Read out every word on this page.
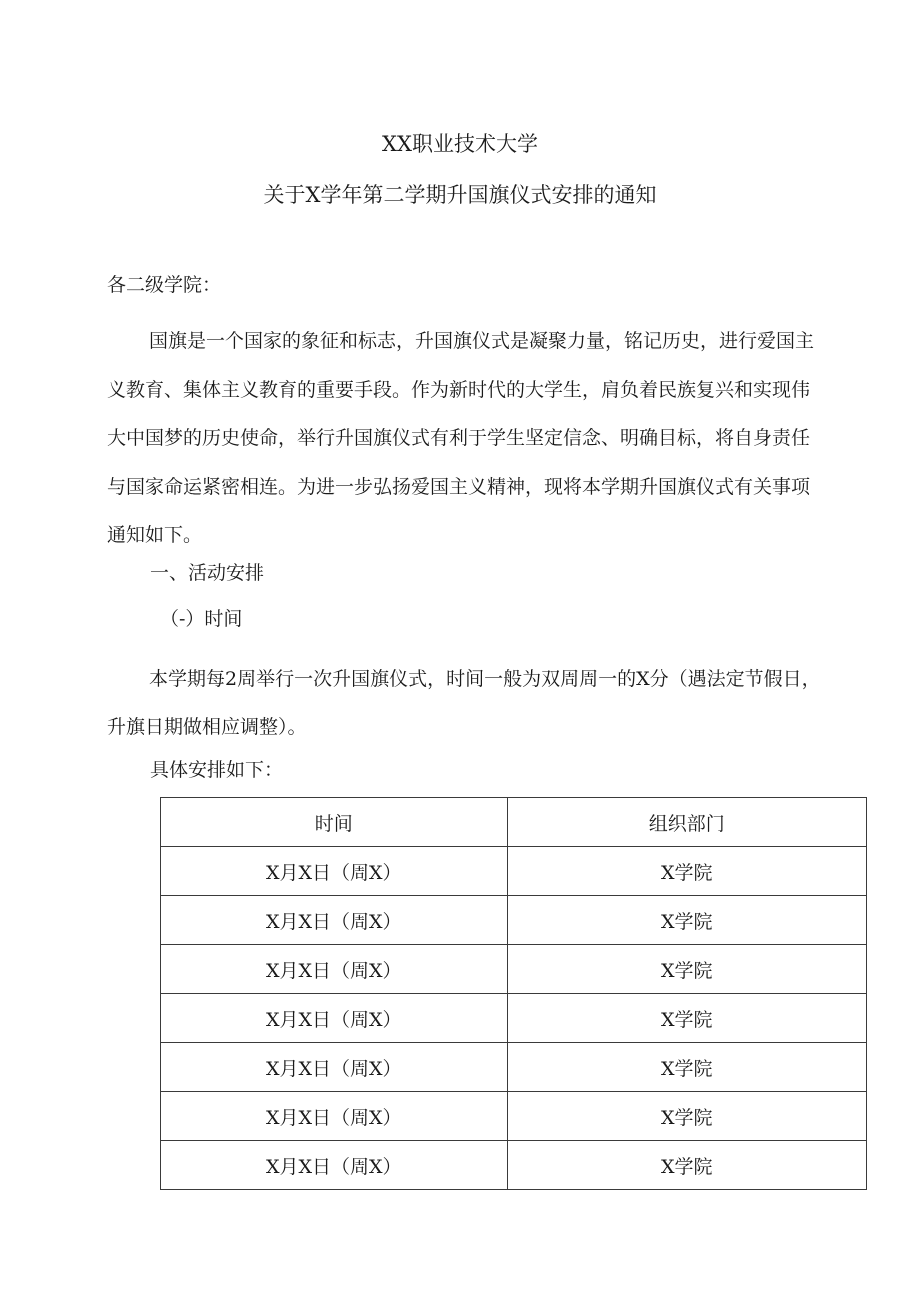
XX职业技术大学
关于X学年第二学期升国旗仪式安排的通知
各二级学院：
国旗是一个国家的象征和标志，升国旗仪式是凝聚力量，铭记历史，进行爱国主
义教育、集体主义教育的重要手段。作为新时代的大学生，肩负着民族复兴和实现伟
大中国梦的历史使命，举行升国旗仪式有利于学生坚定信念、明确目标，将自身责任
与国家命运紧密相连。为进一步弘扬爱国主义精神，现将本学期升国旗仪式有关事项
通知如下。
一、活动安排
（-）时间
本学期每2周举行一次升国旗仪式，时间一般为双周周一的X分（遇法定节假日，
升旗日期做相应调整）。
具体安排如下：
时间	组织部门
X月X日（周X）	X学院
X月X日（周X）	X学院
X月X日（周X）	X学院
X月X日（周X）	X学院
X月X日（周X）	X学院
X月X日（周X）	X学院
X月X日（周X）	X学院
